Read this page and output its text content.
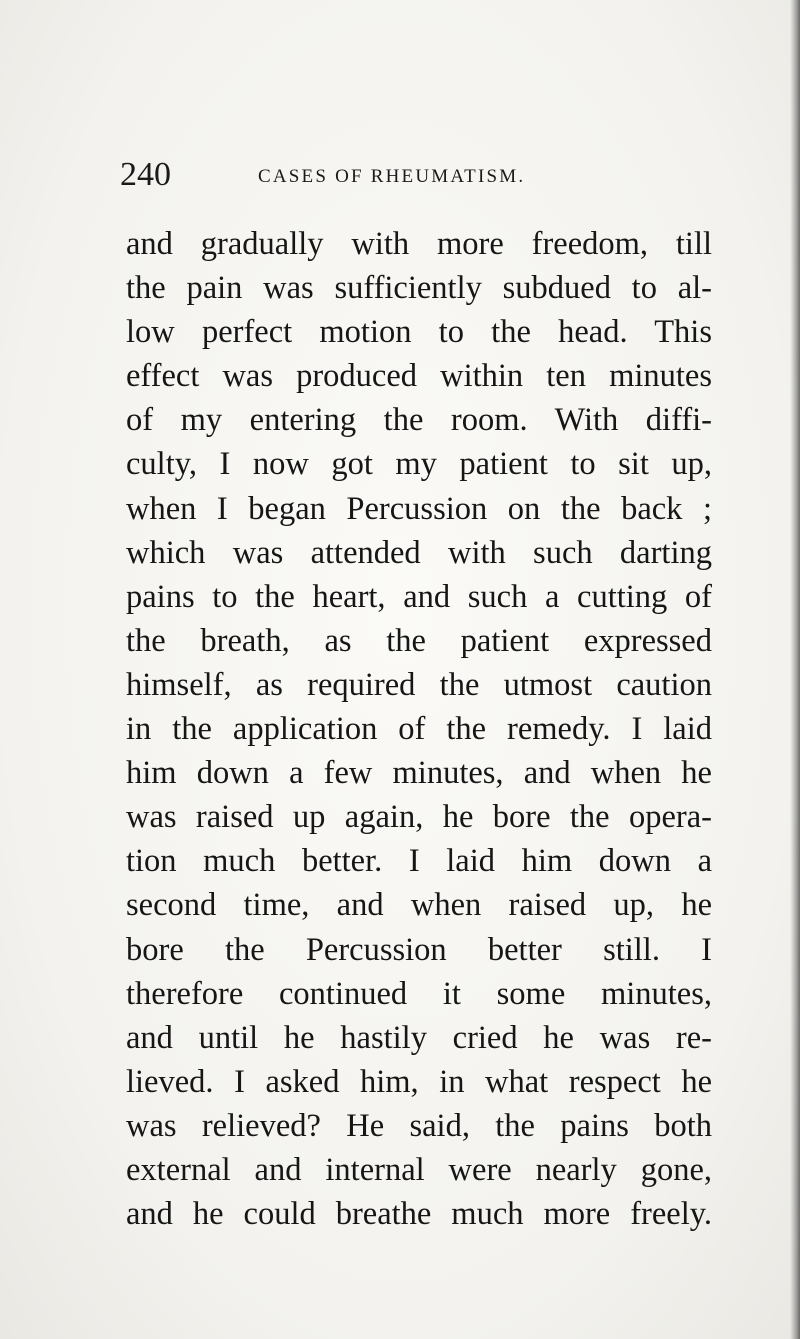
240	CASES OF RHEUMATISM.
and gradually with more freedom, till
the pain was sufficiently subdued to al-
low perfect motion to the head. This
effect was produced within ten minutes
of my entering the room. With diffi-
culty, I now got my patient to sit up,
when I began Percussion on the back ;
which was attended with such darting
pains to the heart, and such a cutting of
the breath, as the patient expressed
himself, as required the utmost caution
in the application of the remedy. I laid
him down a few minutes, and when he
was raised up again, he bore the opera-
tion much better. I laid him down a
second time, and when raised up, he
bore the Percussion better still. I
therefore continued it some minutes,
and until he hastily cried he was re-
lieved. I asked him, in what respect he
was relieved? He said, the pains both
external and internal were nearly gone,
and he could breathe much more freely.
